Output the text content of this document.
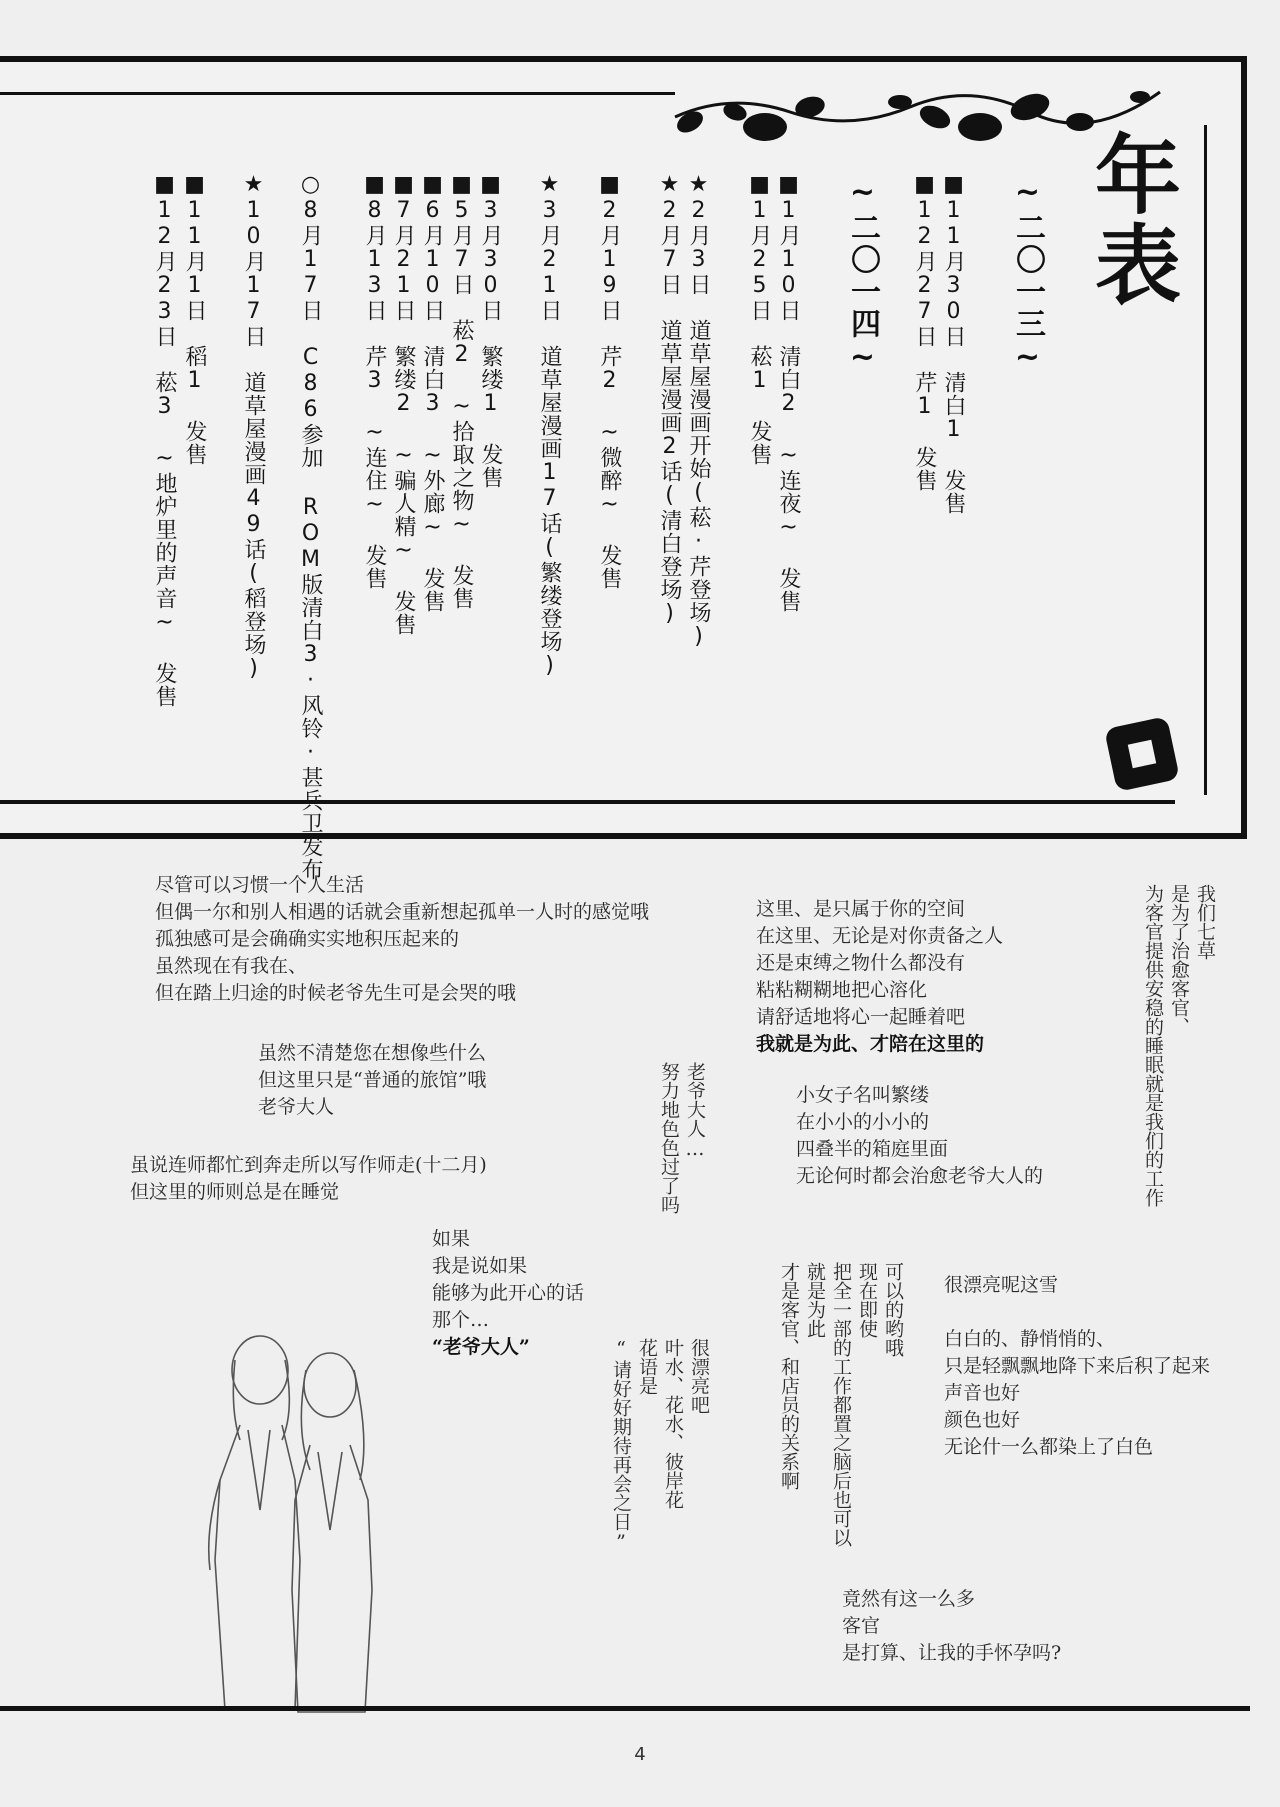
年表
~二〇一三~
~二〇一四~	■11月30日　清白1 发售
■12月27日　芹1 发售
■1月10日　清白2 ~连夜~ 发售
■1月25日　菘1 发售
★2月3日　道草屋漫画开始(菘·芹登场)
★2月7日　道草屋漫画2话(清白登场)
■2月19日　芹2 ~微醉~ 发售
★3月21日　道草屋漫画17话(繁缕登场)
■3月30日　繁缕1 发售
■5月7日　菘2 ~拾取之物~ 发售
■6月10日　清白3 ~外廊~ 发售
■7月21日　繁缕2 ~骗人精~ 发售
■8月13日　芹3 ~连住~ 发售
○8月17日　C86参加 ROM版清白3·风铃·甚兵卫发布
★10月17日　道草屋漫画49话(稻登场)
■11月1日　稻1 发售
■12月23日　菘3 ~地炉里的声音~ 发售
尽管可以习惯一个人生活
但偶一尔和别人相遇的话就会重新想起孤单一人时的感觉哦
孤独感可是会确确实实地积压起来的
虽然现在有我在、
但在踏上归途的时候老爷先生可是会哭的哦
虽然不清楚您在想像些什么
但这里只是“普通的旅馆”哦
老爷大人
虽说连师都忙到奔走所以写作师走(十二月)
但这里的师则总是在睡觉
如果
我是说如果
能够为此开心的话
那个…
“老爷大人”
老爷大人…
努力地色色过了吗
很漂亮吧
叶水、花水、彼岸花
花语是
“请好好期待再会之日”
这里、是只属于你的空间
在这里、无论是对你责备之人
还是束缚之物什么都没有
粘粘糊糊地把心溶化
请舒适地将心一起睡着吧
我就是为此、才陪在这里的
我们七草
是为了治愈客官、
为客官提供安稳的睡眠就是我们的工作
小女子名叫繁缕
在小小的小小的
四叠半的箱庭里面
无论何时都会治愈老爷大人的
可以的哟哦
现在即使
把全一部的工作都置之脑后也可以
就是为此
才是客官、和店员的关系啊	很漂亮呢这雪
白白的、静悄悄的、
只是轻飘飘地降下来后积了起来
声音也好
颜色也好
无论什一么都染上了白色
竟然有这一么多
客官
是打算、让我的手怀孕吗?
4
